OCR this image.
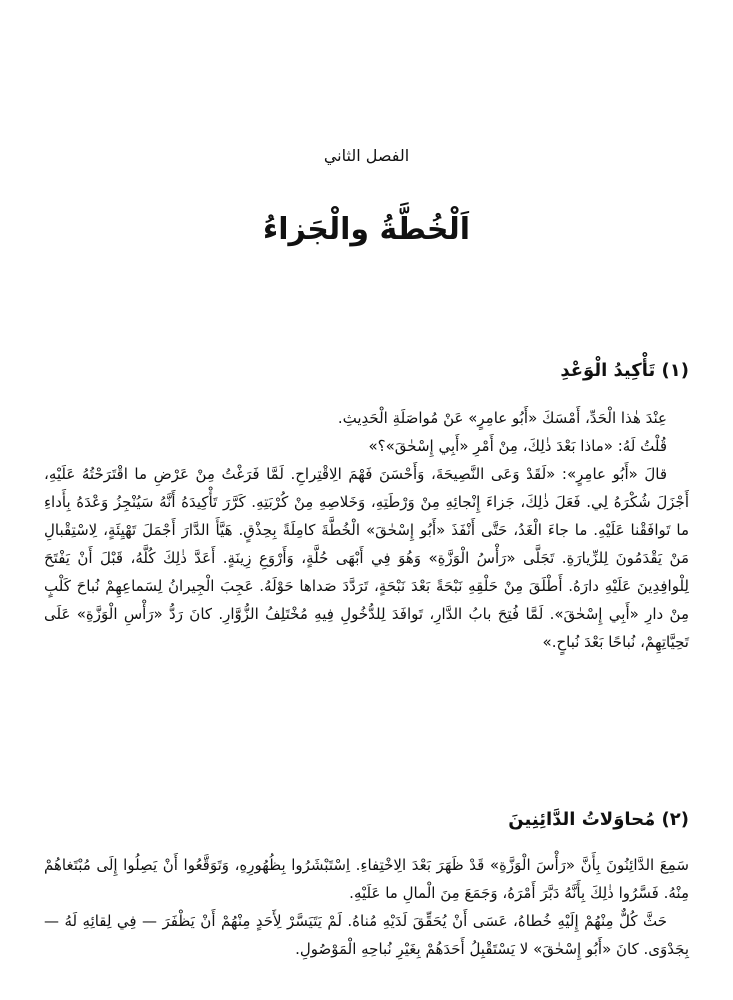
الفصل الثاني
اَلْخُطَّةُ والْجَزاءُ
(١) تَأْكِيدُ الْوَعْدِ

عِنْدَ هٰذا الْحَدِّ، أَمْسَكَ «أَبُو عامِرٍ» عَنْ مُواصَلَةِ الْحَدِيثِ.

قُلْتُ لَهُ: «ماذا بَعْدَ ذٰلِكَ، مِنْ أَمْرِ «أَبِي إِسْحٰقَ»؟»

قالَ «أَبُو عامِرٍ»: «لَقَدْ وَعَى النَّصِيحَةَ، وَأَحْسَنَ فَهْمَ الِاقْتِراحِ. لَمَّا فَرَغْتُ مِنْ عَرْضِ ما اقْتَرَحْتُهُ عَلَيْهِ، أَجْزَلَ شُكْرَهُ لِي. فَعَلَ ذٰلِكَ، جَزاءَ إِنْجائِهِ مِنْ وَرْطَتِهِ، وَخَلاصِهِ مِنْ كُرْبَتِهِ. كَرَّرَ تَأْكِيدَهُ أَنَّهُ سَيُنْجِزُ وَعْدَهُ بِأَداءِ ما تَوافَقْنا عَلَيْهِ. ما جاءَ الْغَدُ، حَتَّى أَنْفَذَ «أَبُو إِسْحٰقَ» الْخُطَّةَ كامِلَةً بِحِذْقٍ. هَيَّأَ الدَّارَ أَجْمَلَ تَهْيِئَةٍ، لِاسْتِقْبالِ مَنْ يَقْدَمُونَ لِلزِّيارَةِ. تَجَلَّى «رَأْسُ الْوَزَّةِ» وَهُوَ فِي أَبْهَى حُلَّةٍ، وَأَرْوَعِ زِينَةٍ. أَعَدَّ ذٰلِكَ كُلَّهُ، قَبْلَ أَنْ يَفْتَحَ لِلْوافِدِينَ عَلَيْهِ دارَهُ. أَطْلَقَ مِنْ حَلْقِهِ نَبْحَةً بَعْدَ نَبْحَةٍ، تَرَدَّدَ صَداها حَوْلَهُ. عَجِبَ الْجِيرانُ لِسَماعِهِمْ نُباحَ كَلْبٍ مِنْ دارِ «أَبِي إِسْحٰقَ». لَمَّا فُتِحَ بابُ الدَّارِ، تَوافَدَ لِلدُّخُولِ فِيهِ مُخْتَلِفُ الزُّوَّارِ. كانَ رَدُّ «رَأْسِ الْوَزَّةِ» عَلَى تَحِيَّاتِهِمْ، نُباحًا بَعْدَ نُباحٍ.»

(٢) مُحاوَلاتُ الدَّائِنِينَ

سَمِعَ الدَّائِنُونَ بِأَنَّ «رَأْسَ الْوَزَّةِ» قَدْ ظَهَرَ بَعْدَ الِاخْتِفاءِ. اِسْتَبْشَرُوا بِظُهُورِهِ، وَتَوَقَّعُوا أَنْ يَصِلُوا إِلَى مُبْتَغاهُمْ مِنْهُ. فَسَّرُوا ذٰلِكَ بِأَنَّهُ دَبَّرَ أَمْرَهُ، وَجَمَعَ مِنَ الْمالِ ما عَلَيْهِ.

حَثَّ كُلٌّ مِنْهُمْ إِلَيْهِ خُطاهُ، عَسَى أَنْ يُحَقِّقَ لَدَيْهِ مُناهُ. لَمْ يَتَيَسَّرْ لِأَحَدٍ مِنْهُمْ أَنْ يَظْفَرَ — فِي لِقائِهِ لَهُ — بِجَدْوَى. كانَ «أَبُو إِسْحٰقَ» لا يَسْتَقْبِلُ أَحَدَهُمْ بِغَيْرِ نُباحِهِ الْمَوْصُولِ.
